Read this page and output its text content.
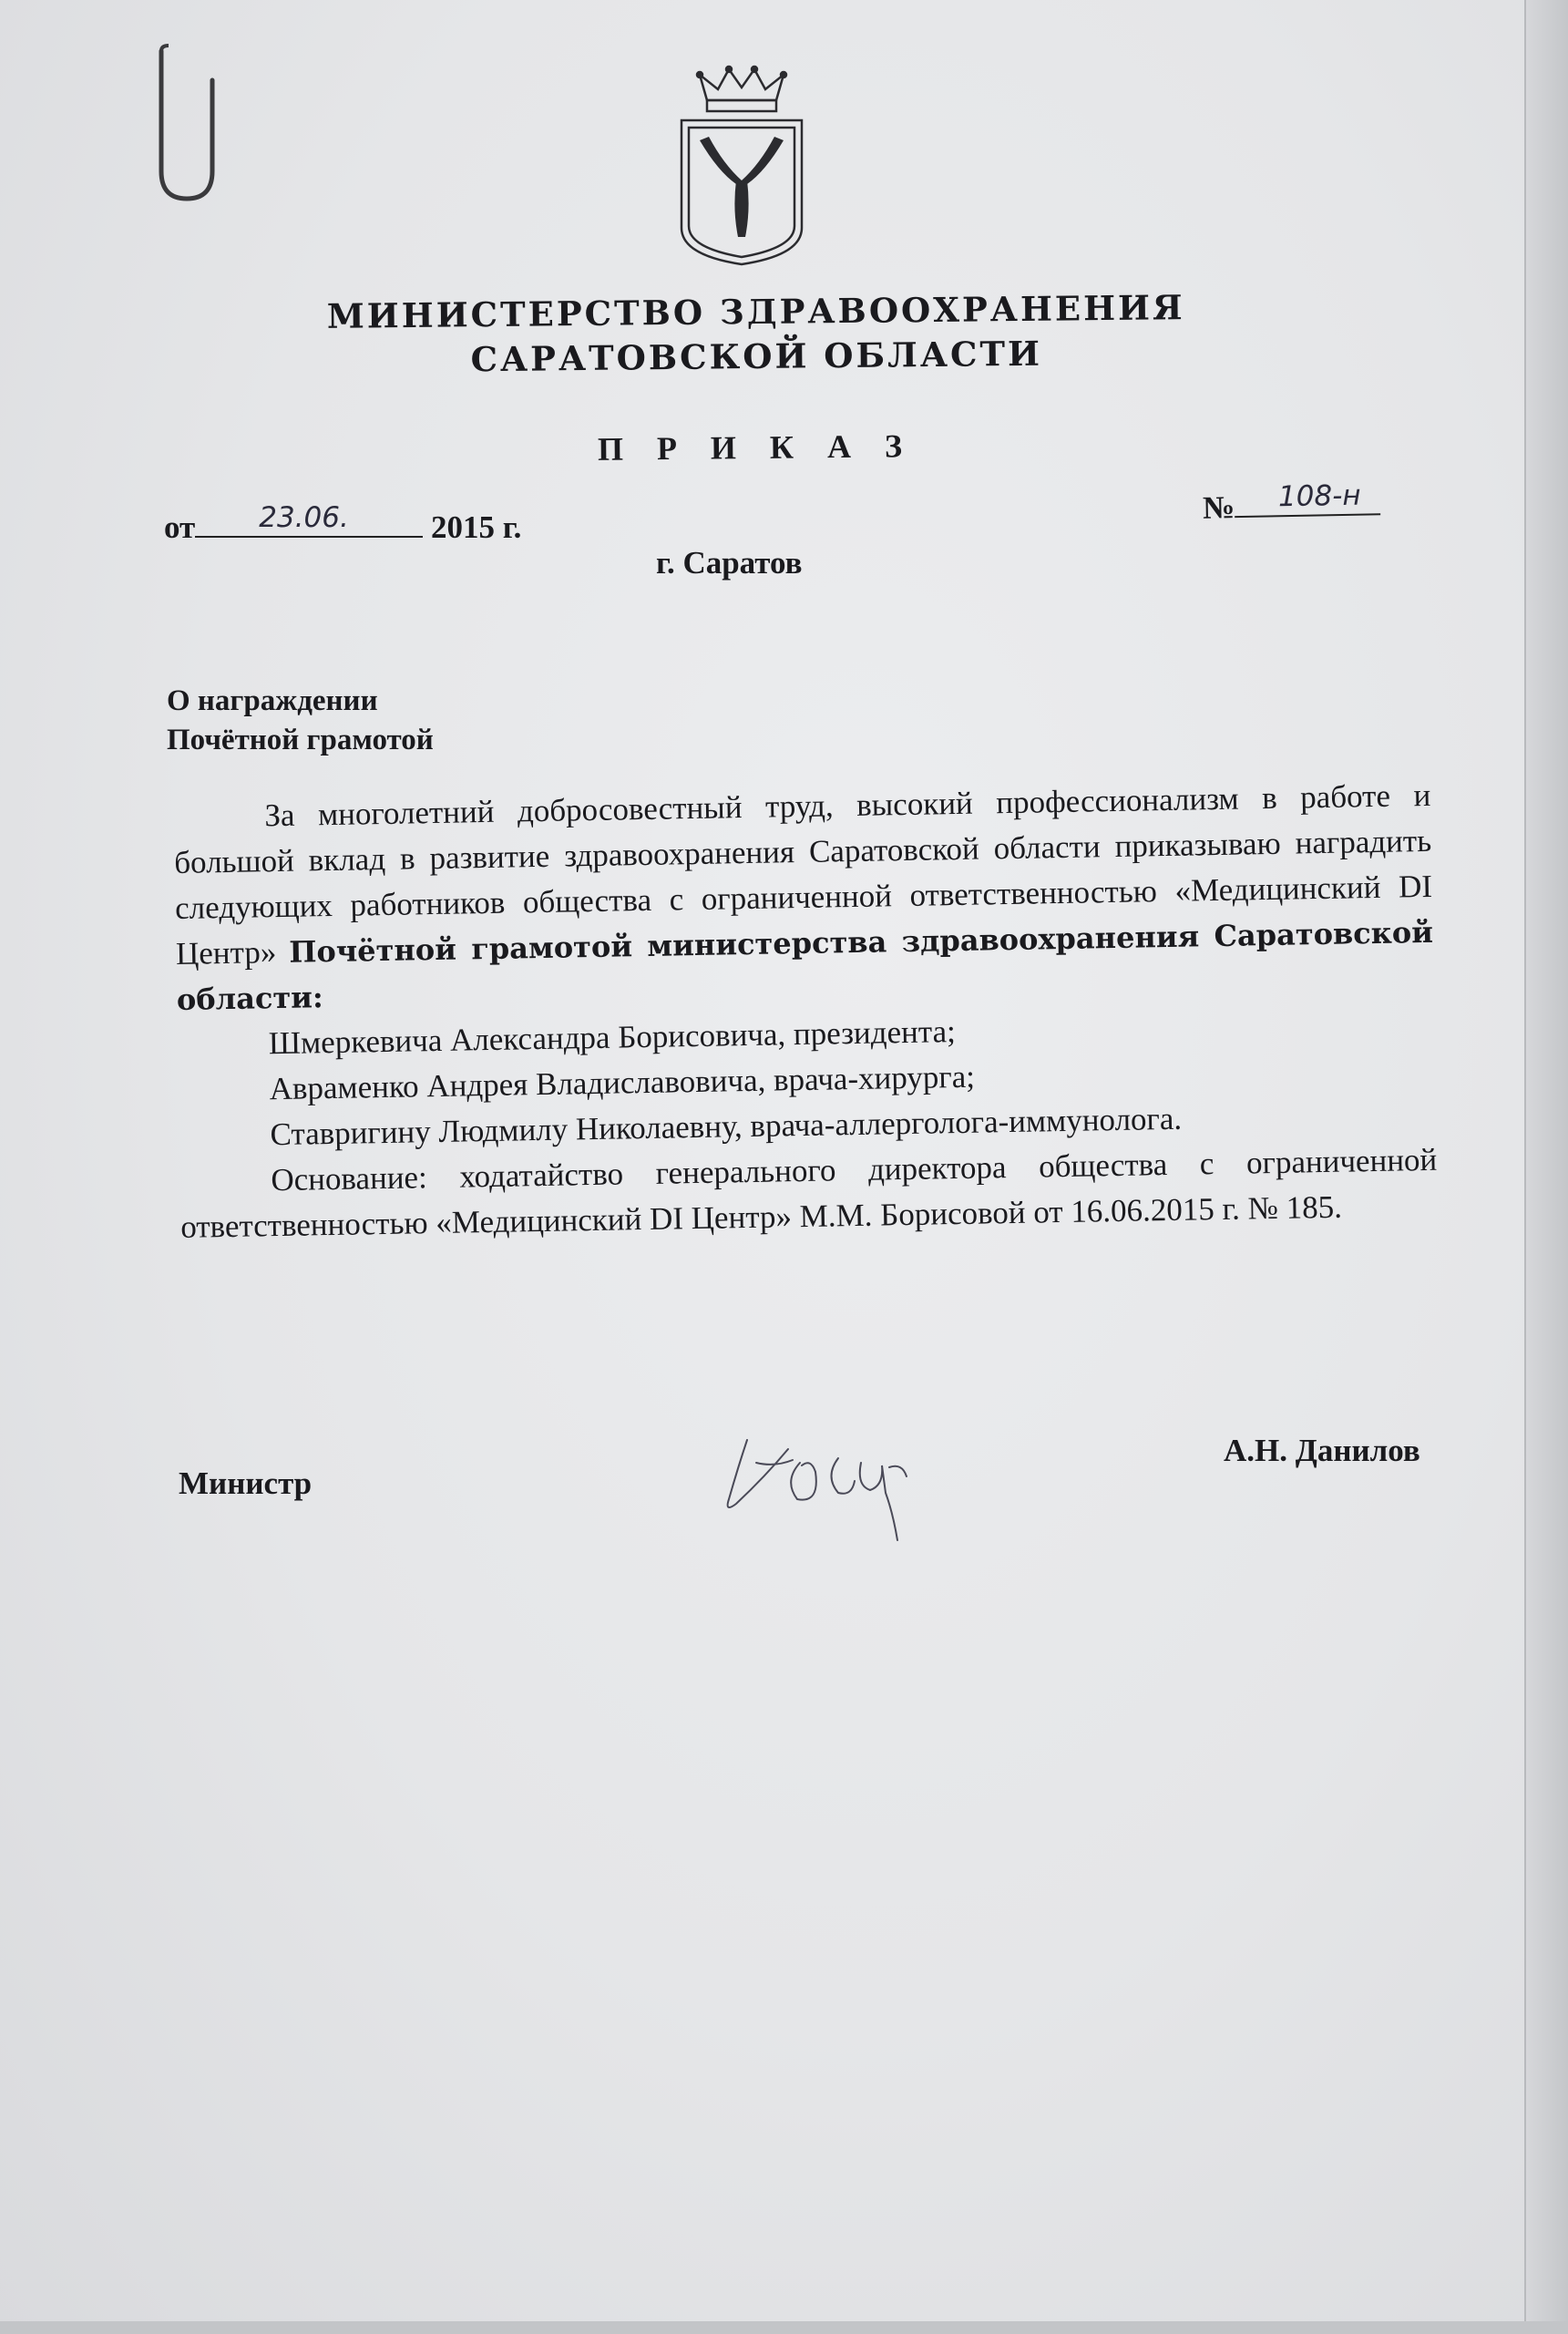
МИНИСТЕРСТВО ЗДРАВООХРАНЕНИЯ
САРАТОВСКОЙ ОБЛАСТИ
П Р И К А З
от 23.06.	2015 г.
№ 108-н
г. Саратов
О награждении
Почётной грамотой

За многолетний добросовестный труд, высокий профессионализм в работе и большой вклад в развитие здравоохранения Саратовской области приказываю наградить следующих работников общества с ограниченной ответственностью «Медицинский DI Центр» Почётной грамотой министерства здравоохранения Саратовской области:

Шмеркевича Александра Борисовича, президента;
Авраменко Андрея Владиславовича, врача-хирурга;
Ставригину Людмилу Николаевну, врача-аллерголога-иммунолога.

Основание: ходатайство генерального директора общества с ограниченной ответственностью «Медицинский DI Центр» М.М. Борисовой от 16.06.2015 г. № 185.

Министр
А.Н. Данилов
